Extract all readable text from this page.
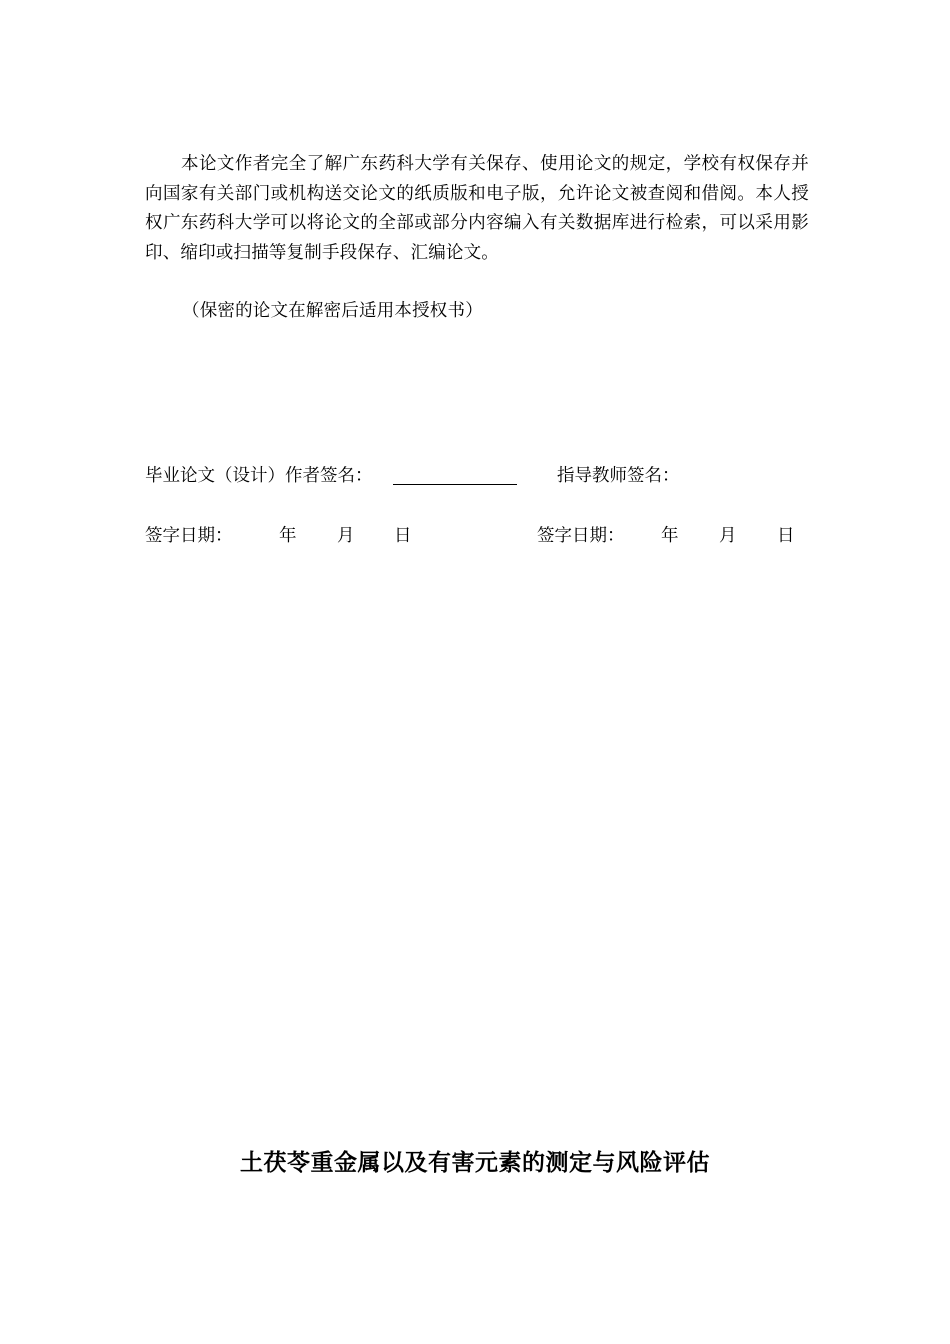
本论文作者完全了解广东药科大学有关保存、使用论文的规定，学校有权保存并向国家有关部门或机构送交论文的纸质版和电子版，允许论文被查阅和借阅。本人授权广东药科大学可以将论文的全部或部分内容编入有关数据库进行检索，可以采用影印、缩印或扫描等复制手段保存、汇编论文。

（保密的论文在解密后适用本授权书）

毕业论文（设计）作者签名：	指导教师签名：
签字日期：	年 月 日	签字日期： 年 月 日
土茯苓重金属以及有害元素的测定与风险评估
